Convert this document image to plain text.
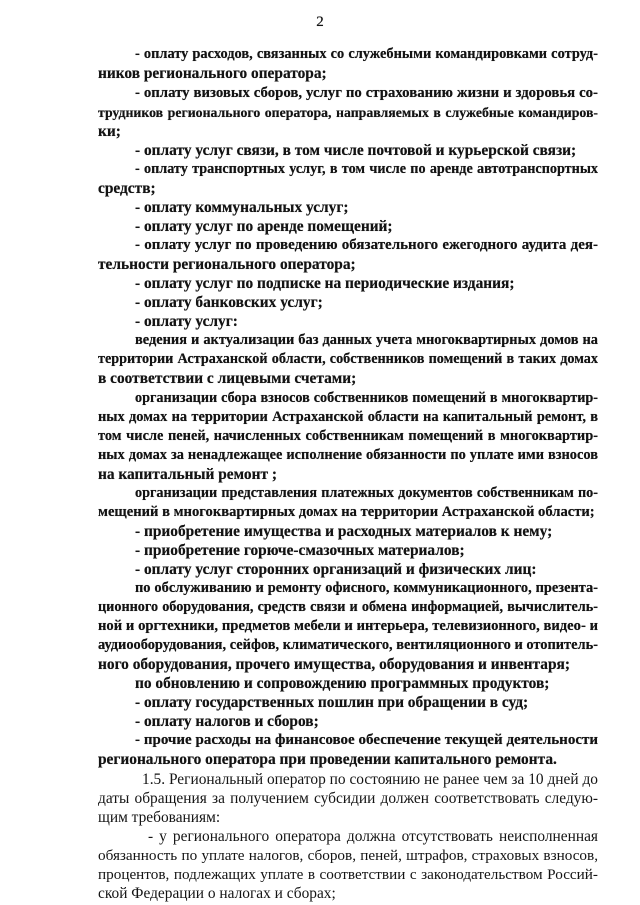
2
- оплату расходов, связанных со служебными командировками сотруд-
ников регионального оператора;
- оплату визовых сборов, услуг по страхованию жизни и здоровья со-
трудников регионального оператора, направляемых в служебные командиров-
ки;
- оплату услуг связи, в том числе почтовой и курьерской связи;
- оплату транспортных услуг, в том числе по аренде автотранспортных
средств;
- оплату коммунальных услуг;
- оплату услуг по аренде помещений;
- оплату услуг по проведению обязательного ежегодного аудита дея-
тельности регионального оператора;
- оплату услуг по подписке на периодические издания;
- оплату банковских услуг;
- оплату услуг:
ведения и актуализации баз данных учета многоквартирных домов на
территории Астраханской области, собственников помещений в таких домах
в соответствии с лицевыми счетами;
организации сбора взносов собственников помещений в многоквартир-
ных домах на территории Астраханской области на капитальный ремонт, в
том числе пеней, начисленных собственникам помещений в многоквартир-
ных домах за ненадлежащее исполнение обязанности по уплате ими взносов
на капитальный ремонт ;
организации представления платежных документов собственникам по-
мещений в многоквартирных домах на территории Астраханской области;
- приобретение имущества и расходных материалов к нему;
- приобретение горюче-смазочных материалов;
- оплату услуг сторонних организаций и физических лиц:
по обслуживанию и ремонту офисного, коммуникационного, презента-
ционного оборудования, средств связи и обмена информацией, вычислитель-
ной и оргтехники, предметов мебели и интерьера, телевизионного, видео- и
аудиооборудования, сейфов, климатического, вентиляционного и отопитель-
ного оборудования, прочего имущества, оборудования и инвентаря;
по обновлению и сопровождению программных продуктов;
- оплату государственных пошлин при обращении в суд;
- оплату налогов и сборов;
- прочие расходы на финансовое обеспечение текущей деятельности
регионального оператора при проведении капитального ремонта.
1.5. Региональный оператор по состоянию не ранее чем за 10 дней до
даты обращения за получением субсидии должен соответствовать следую-
щим требованиям:
- у регионального оператора должна отсутствовать неисполненная
обязанность по уплате налогов, сборов, пеней, штрафов, страховых взносов,
процентов, подлежащих уплате в соответствии с законодательством Россий-
ской Федерации о налогах и сборах;
